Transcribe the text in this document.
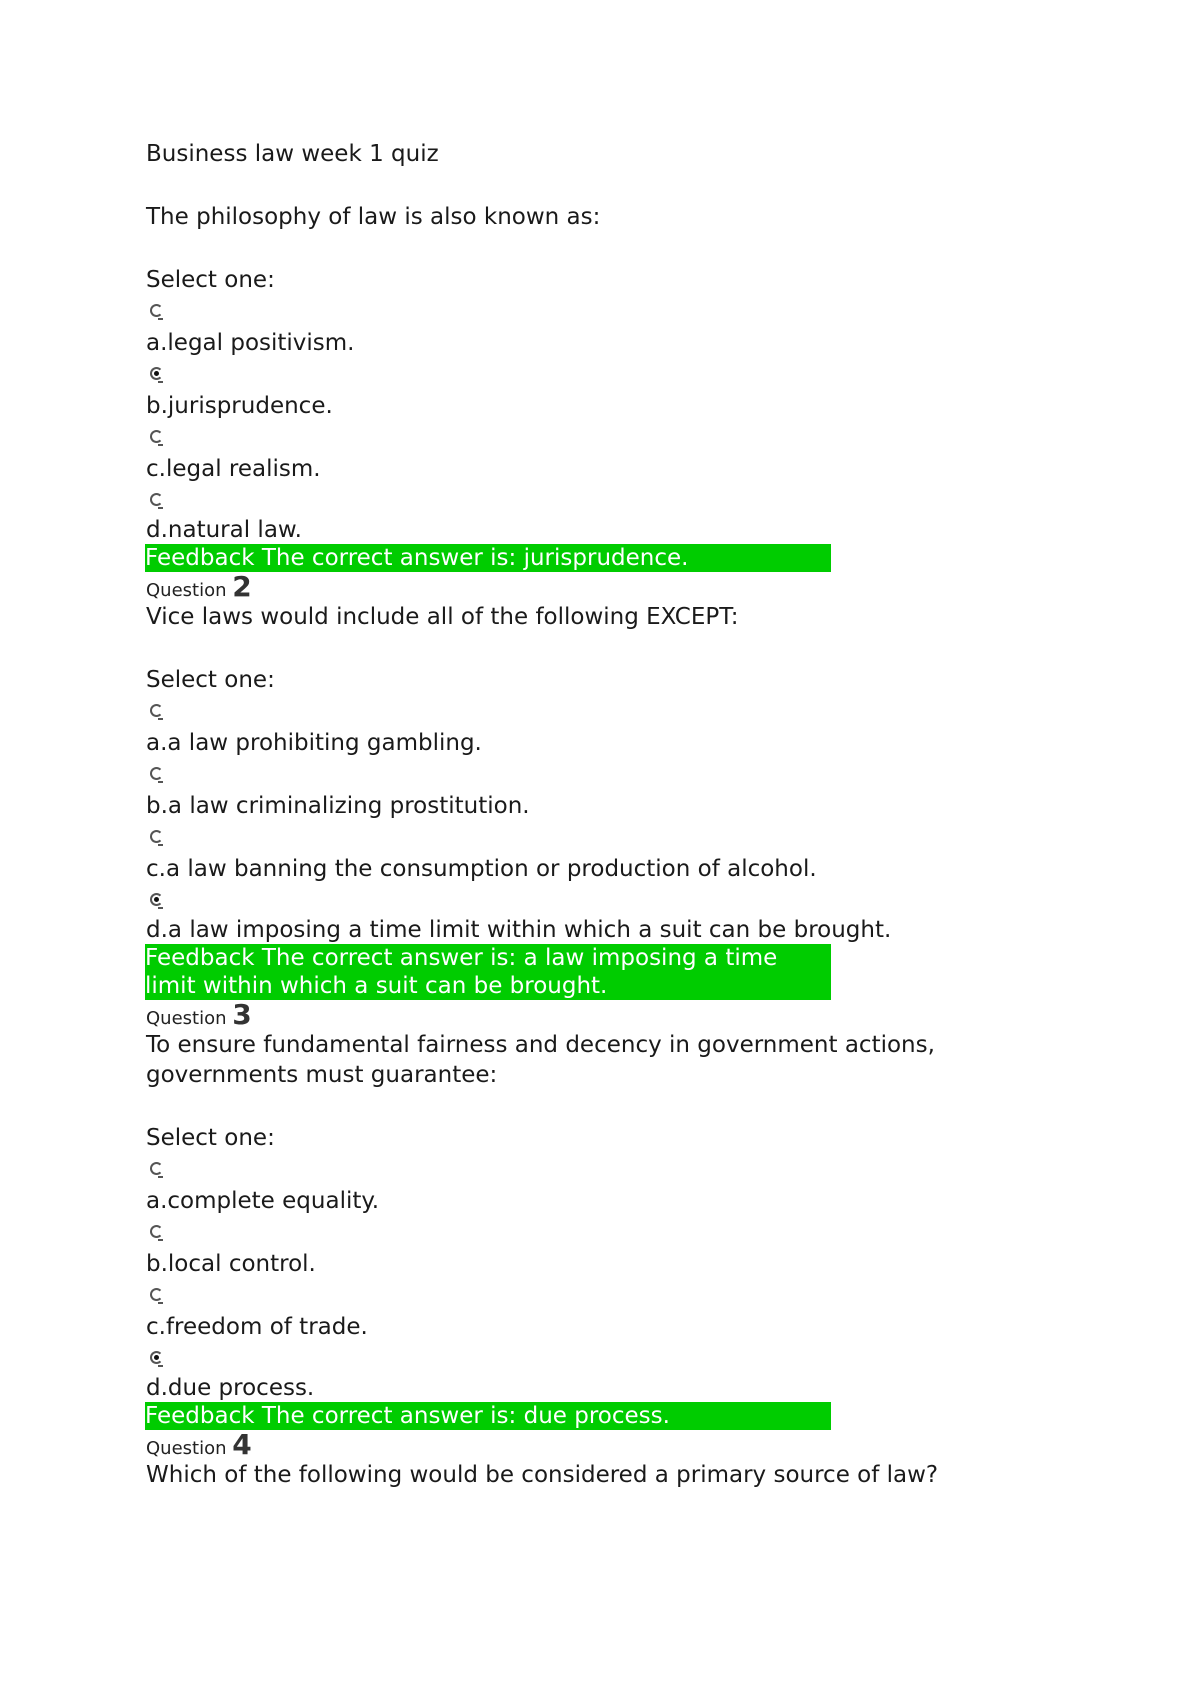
Business law week 1 quiz
The philosophy of law is also known as:
Select one:
a.legal positivism.
b.jurisprudence.
c.legal realism.
d.natural law.
Feedback The correct answer is: jurisprudence.
Question 2
Vice laws would include all of the following EXCEPT:
Select one:
a.a law prohibiting gambling.
b.a law criminalizing prostitution.
c.a law banning the consumption or production of alcohol.
d.a law imposing a time limit within which a suit can be brought.
Feedback The correct answer is: a law imposing a time limit within which a suit can be brought.
Question 3
To ensure fundamental fairness and decency in government actions, governments must guarantee:
Select one:
a.complete equality.
b.local control.
c.freedom of trade.
d.due process.
Feedback The correct answer is: due process.
Question 4
Which of the following would be considered a primary source of law?
